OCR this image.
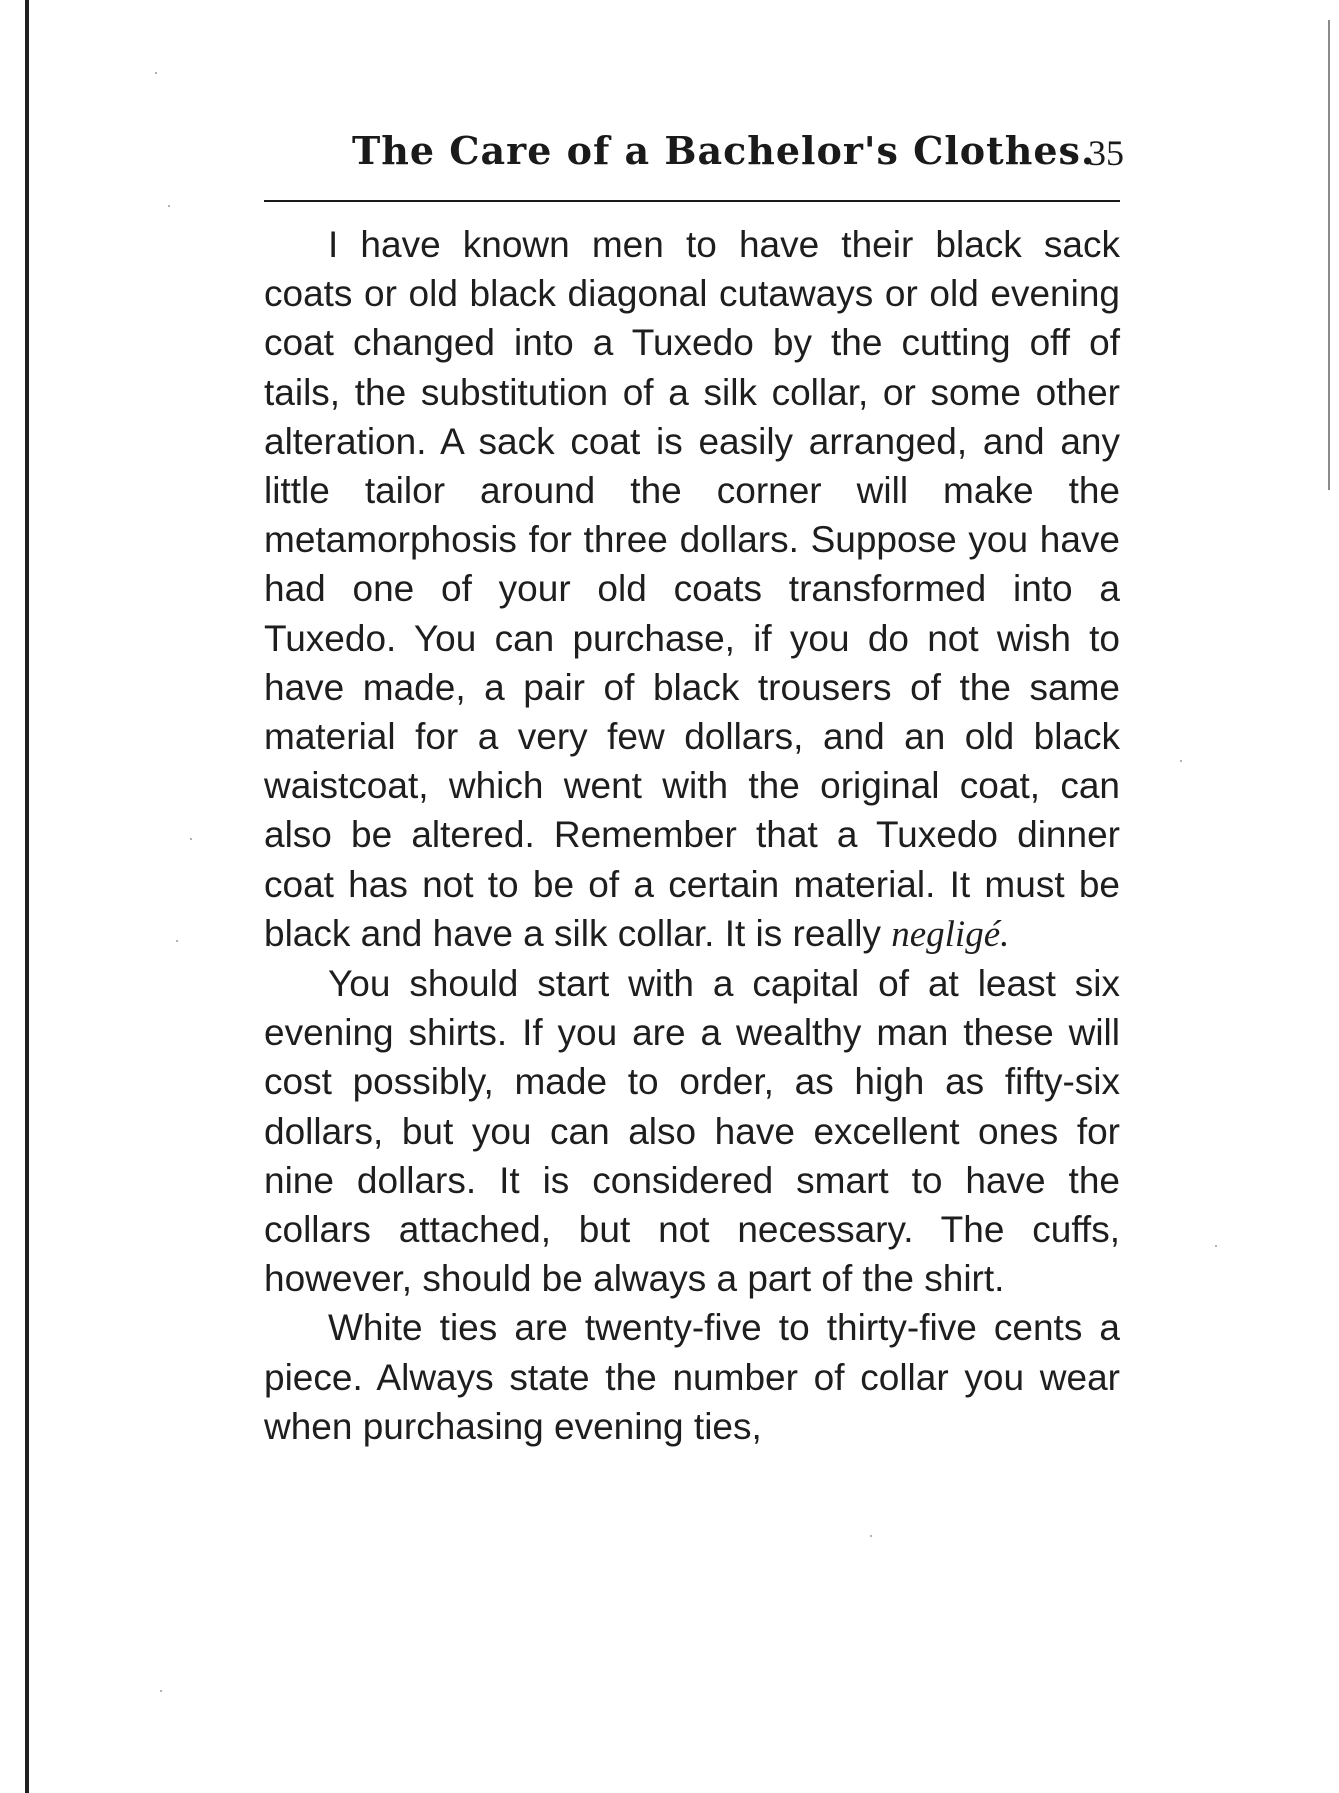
The Care of a Bachelor's Clothes.
35

I have known men to have their black sack coats or old black diagonal cutaways or old evening coat changed into a Tuxedo by the cutting off of tails, the substitution of a silk collar, or some other alteration. A sack coat is easily arranged, and any little tailor around the corner will make the metamorphosis for three dollars. Suppose you have had one of your old coats transformed into a Tuxedo. You can purchase, if you do not wish to have made, a pair of black trousers of the same material for a very few dollars, and an old black waistcoat, which went with the original coat, can also be altered. Remember that a Tuxedo dinner coat has not to be of a certain material. It must be black and have a silk collar. It is really negligé.

You should start with a capital of at least six evening shirts. If you are a wealthy man these will cost possibly, made to order, as high as fifty-six dollars, but you can also have excellent ones for nine dollars. It is considered smart to have the collars attached, but not necessary. The cuffs, however, should be always a part of the shirt.

White ties are twenty-five to thirty-five cents a piece. Always state the number of collar you wear when purchasing evening ties,
